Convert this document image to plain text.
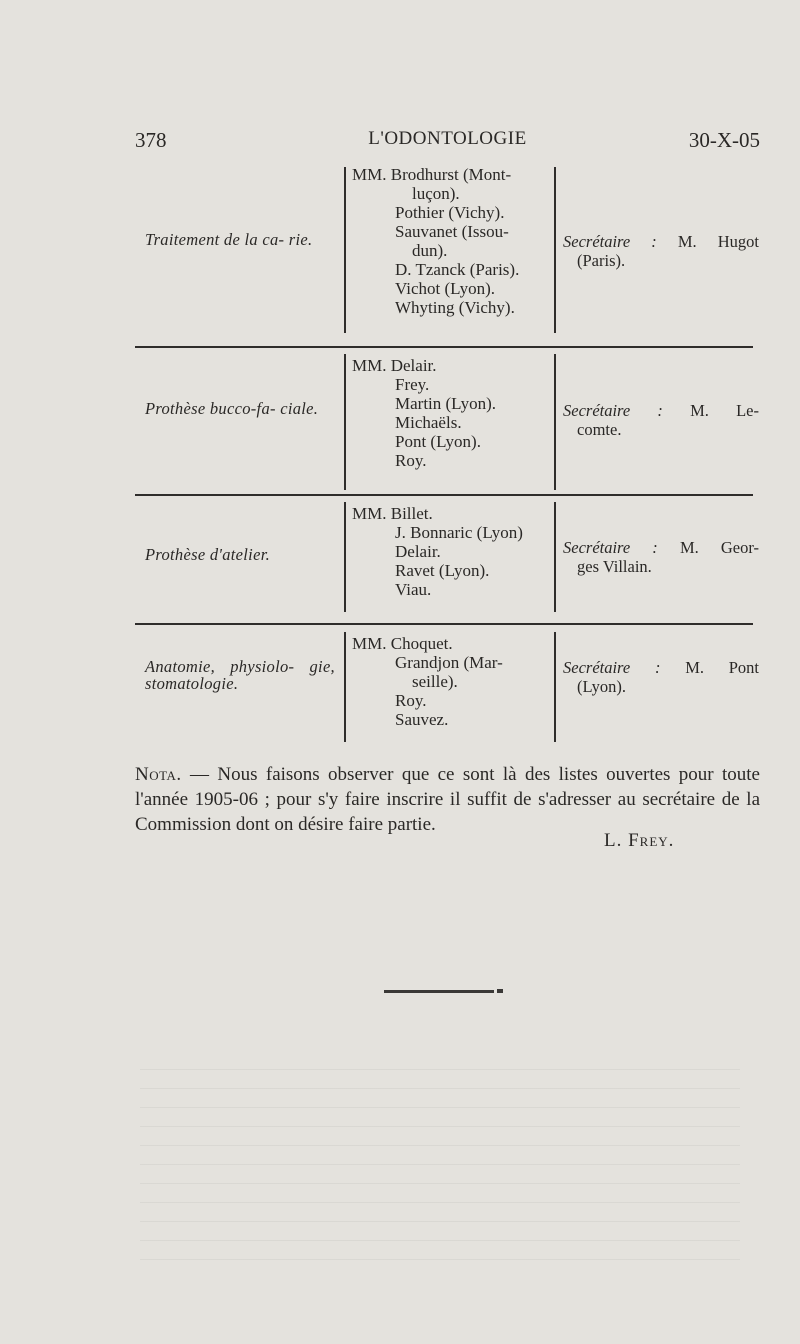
378	L'ODONTOLOGIE	30-X-05
Traitement de la ca- rie.
MM. Brodhurst (Mont-
luçon).
Pothier (Vichy).
Sauvanet (Issou-
dun).
D. Tzanck (Paris).
Vichot (Lyon).
Whyting (Vichy).
Secrétaire : M. Hugot
(Paris).
Prothèse bucco-fa- ciale.
MM. Delair.
Frey.
Martin (Lyon).
Michaëls.
Pont (Lyon).
Roy.
Secrétaire : M. Le-
comte.
Prothèse d'atelier.
MM. Billet.
J. Bonnaric (Lyon)
Delair.
Ravet (Lyon).
Viau.
Secrétaire : M. Geor-
ges Villain.
Anatomie, physiolo- gie, stomatologie.
MM. Choquet.
Grandjon (Mar-
seille).
Roy.
Sauvez.
Secrétaire : M. Pont
(Lyon).
Nota. — Nous faisons observer que ce sont là des listes ouvertes pour toute l'année 1905-06 ; pour s'y faire inscrire il suffit de s'adresser au secrétaire de la Commission dont on désire faire partie.
L. Frey.
